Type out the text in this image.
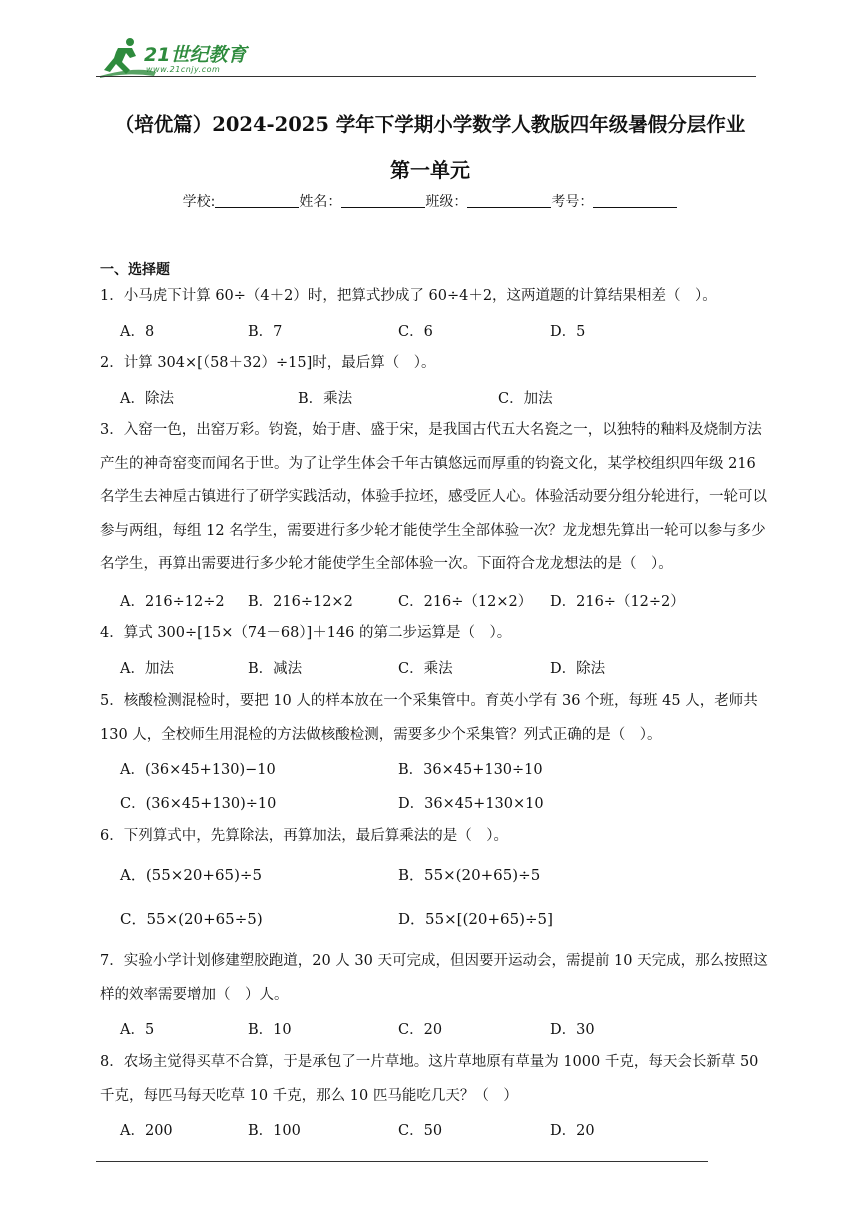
21世纪教育
www.21cnjy.com
（培优篇）2024-2025 学年下学期小学数学人教版四年级暑假分层作业
第一单元
学校:	姓名：	班级：	考号：
一、选择题
1．小马虎下计算 60÷（4＋2）时，把算式抄成了 60÷4＋2，这两道题的计算结果相差（　）。
A．8	B．7	C．6	D．5
2．计算 304×[（58＋32）÷15]时，最后算（　）。
A．除法	B．乘法	C．加法
3．入窑一色，出窑万彩。钧瓷，始于唐、盛于宋，是我国古代五大名瓷之一，以独特的釉料及烧制方法产生的神奇窑变而闻名于世。为了让学生体会千年古镇悠远而厚重的钧瓷文化，某学校组织四年级 216 名学生去神垕古镇进行了研学实践活动，体验手拉坯，感受匠人心。体验活动要分组分轮进行，一轮可以参与两组，每组 12 名学生，需要进行多少轮才能使学生全部体验一次？龙龙想先算出一轮可以参与多少名学生，再算出需要进行多少轮才能使学生全部体验一次。下面符合龙龙想法的是（　）。
A．216÷12÷2 B．216÷12×2	C．216÷（12×2） D．216÷（12÷2）
4．算式 300÷[15×（74－68）]＋146 的第二步运算是（　）。
A．加法	B．减法	C．乘法	D．除法
5．核酸检测混检时，要把 10 人的样本放在一个采集管中。育英小学有 36 个班，每班 45 人，老师共 130 人，全校师生用混检的方法做核酸检测，需要多少个采集管？列式正确的是（　）。
A．(36×45+130)−10	B．36×45+130÷10
C．(36×45+130)÷10	D．36×45+130×10
6．下列算式中，先算除法，再算加法，最后算乘法的是（　）。
A．(55×20+65)÷5	B．55×(20+65)÷5
C．55×(20+65÷5)	D．55×[(20+65)÷5]
7．实验小学计划修建塑胶跑道，20 人 30 天可完成，但因要开运动会，需提前 10 天完成，那么按照这样的效率需要增加（　）人。
A．5	B．10	C．20	D．30
8．农场主觉得买草不合算，于是承包了一片草地。这片草地原有草量为 1000 千克，每天会长新草 50 千克，每匹马每天吃草 10 千克，那么 10 匹马能吃几天？（　）
A．200	B．100	C．50	D．20
